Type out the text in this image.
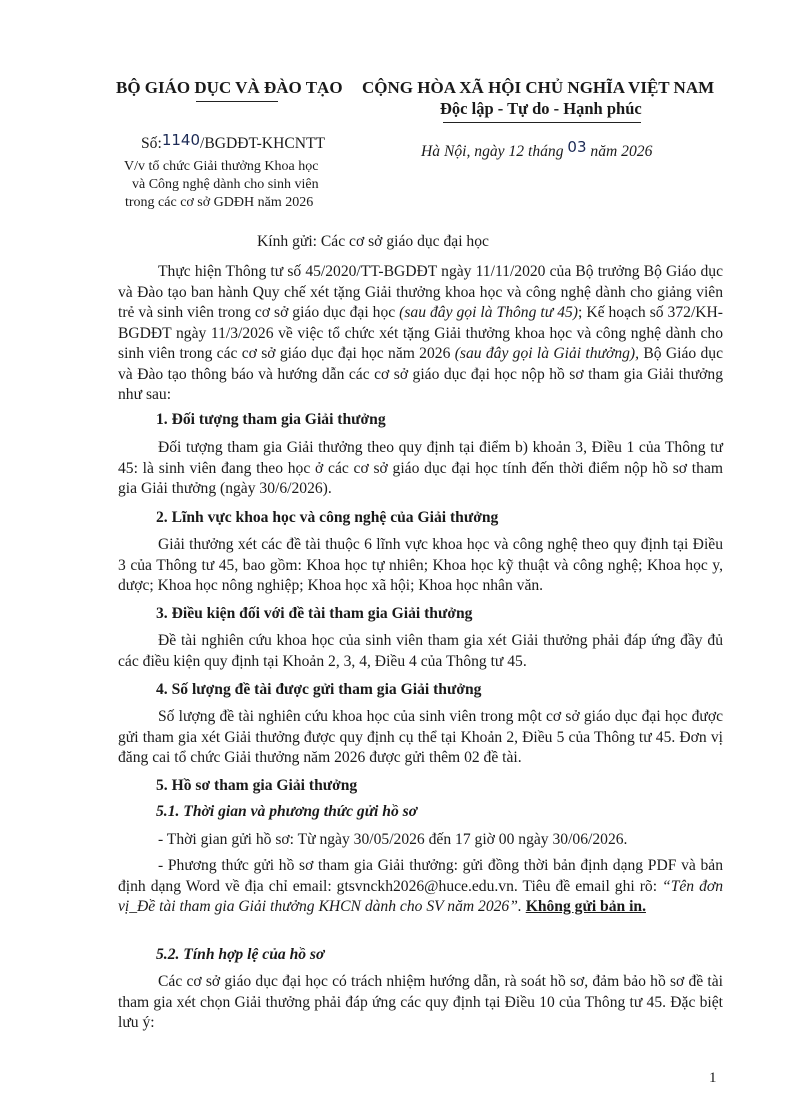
BỘ GIÁO DỤC VÀ ĐÀO TẠO CỘNG HÒA XÃ HỘI CHỦ NGHĨA VIỆT NAM
Độc lập - Tự do - Hạnh phúc
Số:1140/BGDĐT-KHCNTT	Hà Nội, ngày 12 tháng 03 năm 2026
V/v tổ chức Giải thưởng Khoa học
và Công nghệ dành cho sinh viên
trong các cơ sở GDĐH năm 2026
Kính gửi: Các cơ sở giáo dục đại học

Thực hiện Thông tư số 45/2020/TT-BGDĐT ngày 11/11/2020 của Bộ trưởng Bộ Giáo dục và Đào tạo ban hành Quy chế xét tặng Giải thưởng khoa học và công nghệ dành cho giảng viên trẻ và sinh viên trong cơ sở giáo dục đại học (sau đây gọi là Thông tư 45); Kế hoạch số 372/KH-BGDĐT ngày 11/3/2026 về việc tổ chức xét tặng Giải thưởng khoa học và công nghệ dành cho sinh viên trong các cơ sở giáo dục đại học năm 2026 (sau đây gọi là Giải thưởng), Bộ Giáo dục và Đào tạo thông báo và hướng dẫn các cơ sở giáo dục đại học nộp hồ sơ tham gia Giải thưởng như sau:

1. Đối tượng tham gia Giải thưởng

Đối tượng tham gia Giải thưởng theo quy định tại điểm b) khoản 3, Điều 1 của Thông tư 45: là sinh viên đang theo học ở các cơ sở giáo dục đại học tính đến thời điểm nộp hồ sơ tham gia Giải thưởng (ngày 30/6/2026).

2. Lĩnh vực khoa học và công nghệ của Giải thưởng

Giải thưởng xét các đề tài thuộc 6 lĩnh vực khoa học và công nghệ theo quy định tại Điều 3 của Thông tư 45, bao gồm: Khoa học tự nhiên; Khoa học kỹ thuật và công nghệ; Khoa học y, dược; Khoa học nông nghiệp; Khoa học xã hội; Khoa học nhân văn.

3. Điều kiện đối với đề tài tham gia Giải thưởng

Đề tài nghiên cứu khoa học của sinh viên tham gia xét Giải thưởng phải đáp ứng đầy đủ các điều kiện quy định tại Khoản 2, 3, 4, Điều 4 của Thông tư 45.

4. Số lượng đề tài được gửi tham gia Giải thưởng

Số lượng đề tài nghiên cứu khoa học của sinh viên trong một cơ sở giáo dục đại học được gửi tham gia xét Giải thưởng được quy định cụ thể tại Khoản 2, Điều 5 của Thông tư 45. Đơn vị đăng cai tổ chức Giải thưởng năm 2026 được gửi thêm 02 đề tài.

5. Hồ sơ tham gia Giải thưởng
5.1. Thời gian và phương thức gửi hồ sơ

- Thời gian gửi hồ sơ: Từ ngày 30/05/2026 đến 17 giờ 00 ngày 30/06/2026.

- Phương thức gửi hồ sơ tham gia Giải thưởng: gửi đồng thời bản định dạng PDF và bản định dạng Word về địa chỉ email: gtsvnckh2026@huce.edu.vn. Tiêu đề email ghi rõ: “Tên đơn vị_Đề tài tham gia Giải thưởng KHCN dành cho SV năm 2026”. Không gửi bản in.

5.2. Tính hợp lệ của hồ sơ

Các cơ sở giáo dục đại học có trách nhiệm hướng dẫn, rà soát hồ sơ, đảm bảo hồ sơ đề tài tham gia xét chọn Giải thưởng phải đáp ứng các quy định tại Điều 10 của Thông tư 45. Đặc biệt lưu ý:

1
